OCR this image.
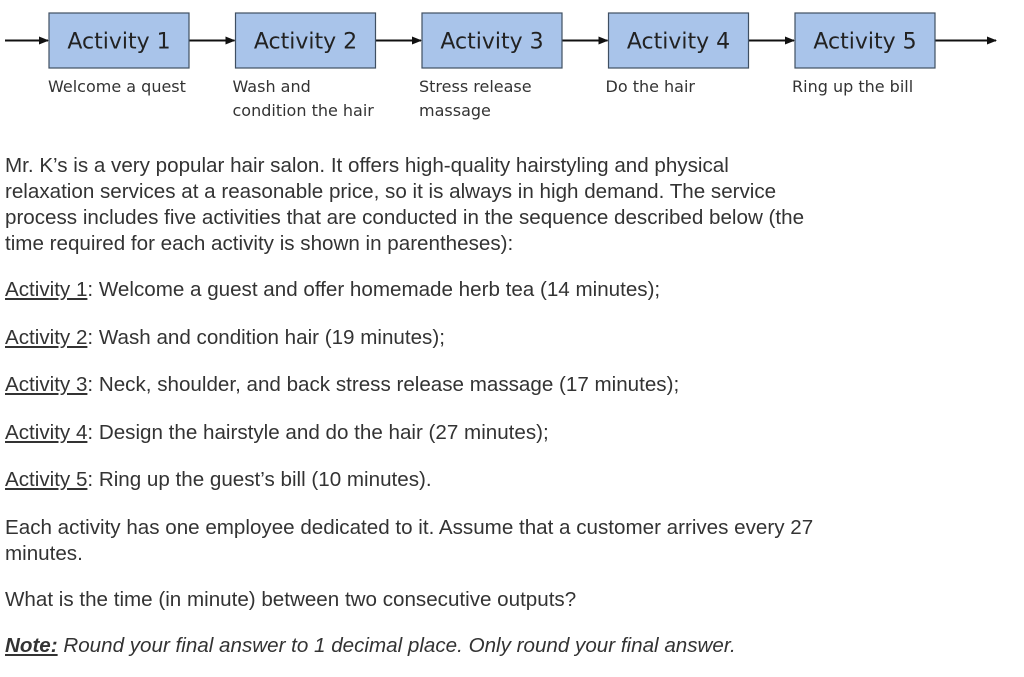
Activity 1
Welcome a quest
Activity 2
Wash and
condition the hair
Activity 3
Stress release
massage
Activity 4
Do the hair
Activity 5
Ring up the bill

Mr. K’s is a very popular hair salon. It offers high-quality hairstyling and physical relaxation services at a reasonable price, so it is always in high demand. The service process includes five activities that are conducted in the sequence described below (the time required for each activity is shown in parentheses):

Activity 1: Welcome a guest and offer homemade herb tea (14 minutes);

Activity 2: Wash and condition hair (19 minutes);

Activity 3: Neck, shoulder, and back stress release massage (17 minutes);

Activity 4: Design the hairstyle and do the hair (27 minutes);

Activity 5: Ring up the guest’s bill (10 minutes).

Each activity has one employee dedicated to it. Assume that a customer arrives every 27 minutes.

What is the time (in minute) between two consecutive outputs?

Note: Round your final answer to 1 decimal place. Only round your final answer.
